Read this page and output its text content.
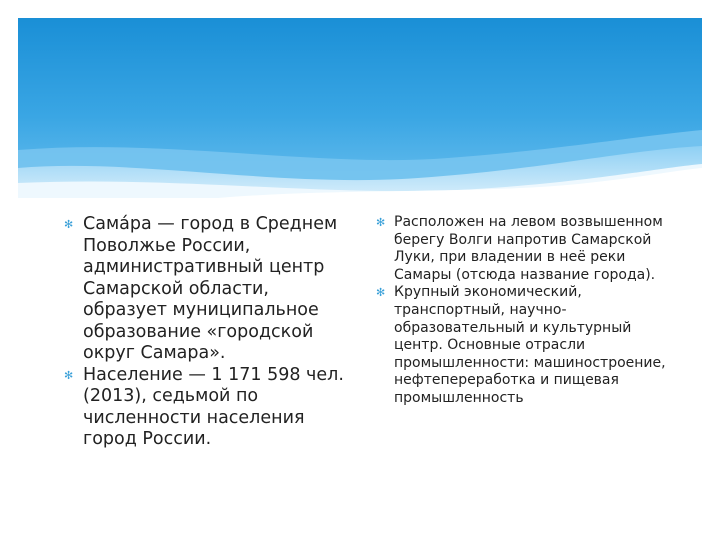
✻ Сама́ра — город в Среднем Поволжье России, административный центр Самарской области, образует муниципальное образование «городской округ Самара».

✻ Население — 1 171 598 чел. (2013), седьмой по численности населения город России.

✻ Расположен на левом возвышенном берегу Волги напротив Самарской Луки, при владении в неё реки Самары (отсюда название города).

✻ Крупный экономический, транспортный, научно-образовательный и культурный центр. Основные отрасли промышленности: машиностроение, нефтепереработка и пищевая промышленность
